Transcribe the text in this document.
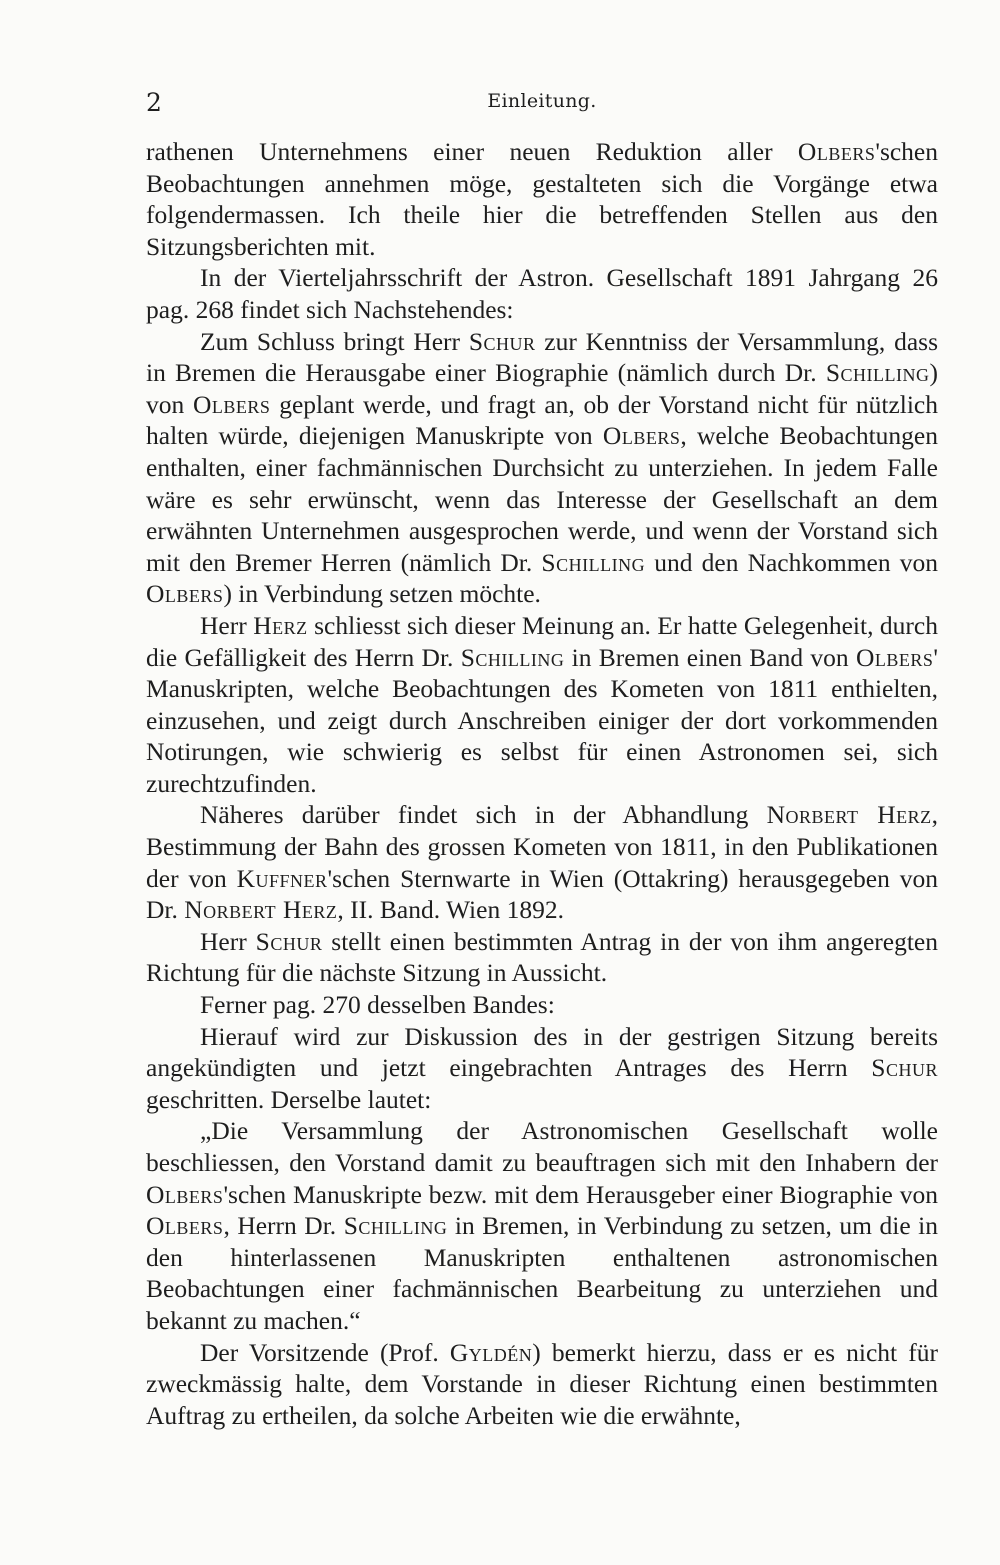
2	Einleitung.

rathenen Unternehmens einer neuen Reduktion aller Olbers'schen Beobachtungen annehmen möge, gestalteten sich die Vorgänge etwa folgendermassen. Ich theile hier die betreffenden Stellen aus den Sitzungsberichten mit.

In der Vierteljahrsschrift der Astron. Gesellschaft 1891 Jahrgang 26 pag. 268 findet sich Nachstehendes:

Zum Schluss bringt Herr Schur zur Kenntniss der Versammlung, dass in Bremen die Herausgabe einer Biographie (nämlich durch Dr. Schilling) von Olbers geplant werde, und fragt an, ob der Vorstand nicht für nützlich halten würde, diejenigen Manuskripte von Olbers, welche Beobachtungen enthalten, einer fachmännischen Durchsicht zu unterziehen. In jedem Falle wäre es sehr erwünscht, wenn das Interesse der Gesellschaft an dem erwähnten Unternehmen ausgesprochen werde, und wenn der Vorstand sich mit den Bremer Herren (nämlich Dr. Schilling und den Nachkommen von Olbers) in Verbindung setzen möchte.

Herr Herz schliesst sich dieser Meinung an. Er hatte Gelegenheit, durch die Gefälligkeit des Herrn Dr. Schilling in Bremen einen Band von Olbers' Manuskripten, welche Beobachtungen des Kometen von 1811 enthielten, einzusehen, und zeigt durch Anschreiben einiger der dort vorkommenden Notirungen, wie schwierig es selbst für einen Astronomen sei, sich zurechtzufinden.

Näheres darüber findet sich in der Abhandlung Norbert Herz, Bestimmung der Bahn des grossen Kometen von 1811, in den Publikationen der von Kuffner'schen Sternwarte in Wien (Ottakring) herausgegeben von Dr. Norbert Herz, II. Band. Wien 1892.

Herr Schur stellt einen bestimmten Antrag in der von ihm angeregten Richtung für die nächste Sitzung in Aussicht.

Ferner pag. 270 desselben Bandes:

Hierauf wird zur Diskussion des in der gestrigen Sitzung bereits angekündigten und jetzt eingebrachten Antrages des Herrn Schur geschritten. Derselbe lautet:

„Die Versammlung der Astronomischen Gesellschaft wolle beschliessen, den Vorstand damit zu beauftragen sich mit den Inhabern der Olbers'schen Manuskripte bezw. mit dem Herausgeber einer Biographie von Olbers, Herrn Dr. Schilling in Bremen, in Verbindung zu setzen, um die in den hinterlassenen Manuskripten enthaltenen astronomischen Beobachtungen einer fachmännischen Bearbeitung zu unterziehen und bekannt zu machen.“

Der Vorsitzende (Prof. Gyldén) bemerkt hierzu, dass er es nicht für zweckmässig halte, dem Vorstande in dieser Richtung einen bestimmten Auftrag zu ertheilen, da solche Arbeiten wie die erwähnte,
